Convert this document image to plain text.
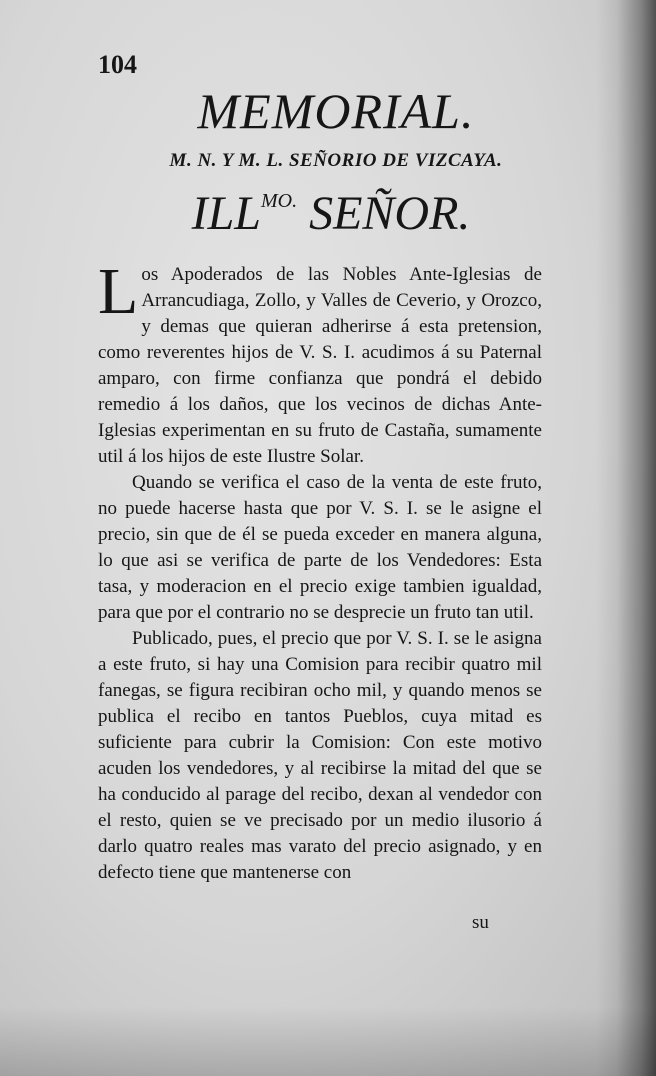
104
MEMORIAL.
M. N. Y M. L. SEÑORIO DE VIZCAYA.
$ILL^{MO.}$ SEÑOR.

Los Apoderados de las Nobles Ante-Iglesias de Arrancudiaga, Zollo, y Valles de Ceverio, y Orozco, y demas que quieran adherirse á esta pretension, como reverentes hijos de V. S. I. acudimos á su Paternal amparo, con firme confianza que pondrá el debido remedio á los daños, que los vecinos de dichas Ante-Iglesias experimentan en su fruto de Castaña, sumamente util á los hijos de este Ilustre Solar.

Quando se verifica el caso de la venta de este fruto, no puede hacerse hasta que por V. S. I. se le asigne el precio, sin que de él se pueda exceder en manera alguna, lo que asi se verifica de parte de los Vendedores: Esta tasa, y moderacion en el precio exige tambien igualdad, para que por el contrario no se desprecie un fruto tan util.

Publicado, pues, el precio que por V. S. I. se le asigna a este fruto, si hay una Comision para recibir quatro mil fanegas, se figura recibiran ocho mil, y quando menos se publica el recibo en tantos Pueblos, cuya mitad es suficiente para cubrir la Comision: Con este motivo acuden los vendedores, y al recibirse la mitad del que se ha conducido al parage del recibo, dexan al vendedor con el resto, quien se ve precisado por un medio ilusorio á darlo quatro reales mas varato del precio asignado, y en defecto tiene que mantenerse con

su
